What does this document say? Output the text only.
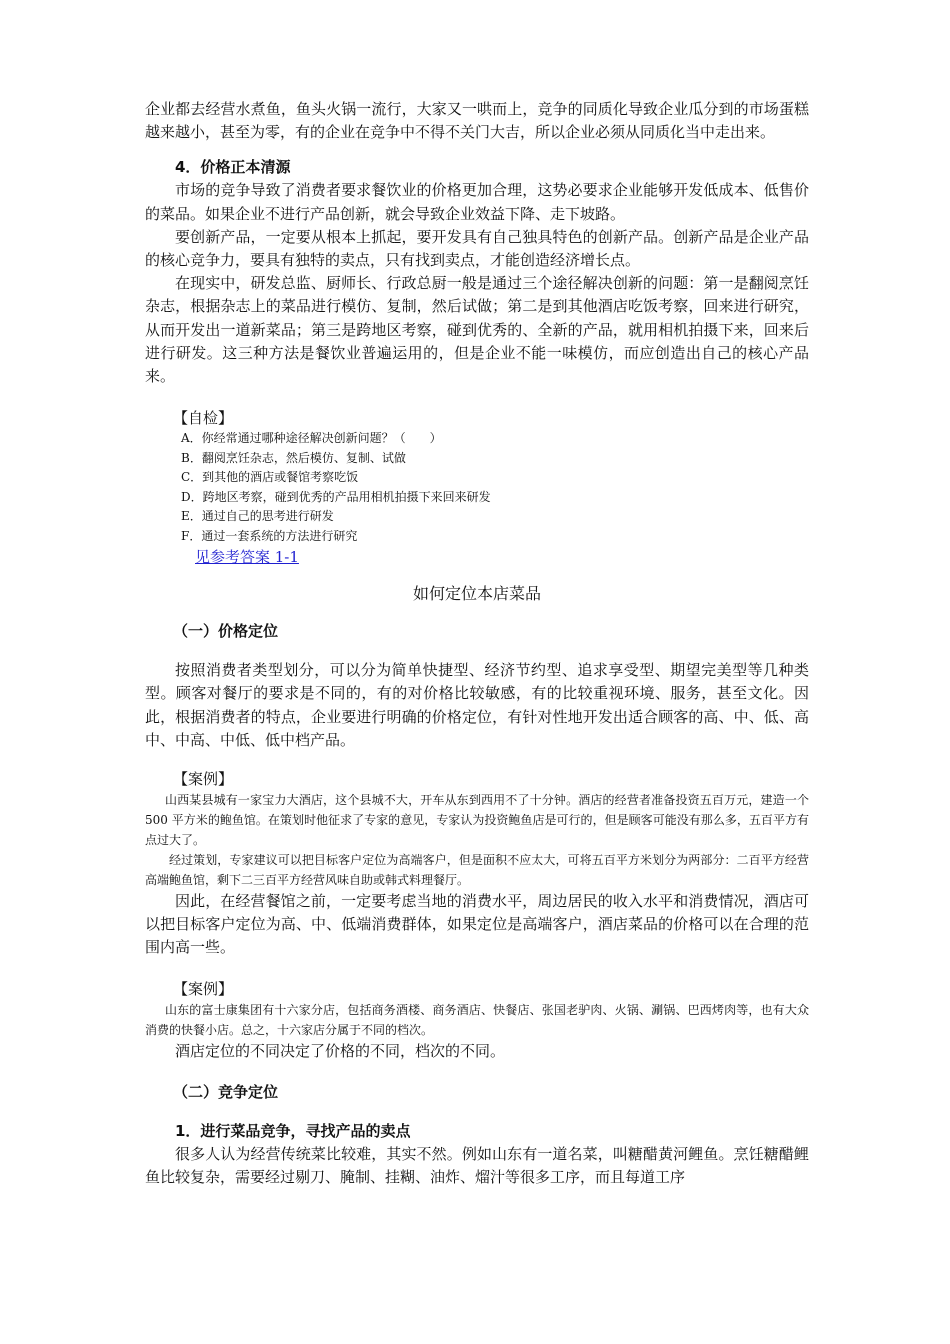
企业都去经营水煮鱼，鱼头火锅一流行，大家又一哄而上，竞争的同质化导致企业瓜分到的市场蛋糕越来越小，甚至为零，有的企业在竞争中不得不关门大吉，所以企业必须从同质化当中走出来。

4．价格正本清源

市场的竞争导致了消费者要求餐饮业的价格更加合理，这势必要求企业能够开发低成本、低售价的菜品。如果企业不进行产品创新，就会导致企业效益下降、走下坡路。

要创新产品，一定要从根本上抓起，要开发具有自己独具特色的创新产品。创新产品是企业产品的核心竞争力，要具有独特的卖点，只有找到卖点，才能创造经济增长点。

在现实中，研发总监、厨师长、行政总厨一般是通过三个途径解决创新的问题：第一是翻阅烹饪杂志，根据杂志上的菜品进行模仿、复制，然后试做；第二是到其他酒店吃饭考察，回来进行研究，从而开发出一道新菜品；第三是跨地区考察，碰到优秀的、全新的产品，就用相机拍摄下来，回来后进行研发。这三种方法是餐饮业普遍运用的，但是企业不能一味模仿，而应创造出自己的核心产品来。

【自检】

A．你经常通过哪种途径解决创新问题？（　　）

B．翻阅烹饪杂志，然后模仿、复制、试做

C．到其他的酒店或餐馆考察吃饭

D．跨地区考察，碰到优秀的产品用相机拍摄下来回来研发

E．通过自己的思考进行研发

F．通过一套系统的方法进行研究

见参考答案 1-1

如何定位本店菜品

（一）价格定位

按照消费者类型划分，可以分为简单快捷型、经济节约型、追求享受型、期望完美型等几种类型。顾客对餐厅的要求是不同的，有的对价格比较敏感，有的比较重视环境、服务，甚至文化。因此，根据消费者的特点，企业要进行明确的价格定位，有针对性地开发出适合顾客的高、中、低、高中、中高、中低、低中档产品。

【案例】

山西某县城有一家宝力大酒店，这个县城不大，开车从东到西用不了十分钟。酒店的经营者准备投资五百万元，建造一个 500 平方米的鲍鱼馆。在策划时他征求了专家的意见，专家认为投资鲍鱼店是可行的，但是顾客可能没有那么多，五百平方有点过大了。

经过策划，专家建议可以把目标客户定位为高端客户，但是面积不应太大，可将五百平方米划分为两部分：二百平方经营高端鲍鱼馆，剩下二三百平方经营风味自助或韩式料理餐厅。

因此，在经营餐馆之前，一定要考虑当地的消费水平，周边居民的收入水平和消费情况，酒店可以把目标客户定位为高、中、低端消费群体，如果定位是高端客户，酒店菜品的价格可以在合理的范围内高一些。

【案例】

山东的富士康集团有十六家分店，包括商务酒楼、商务酒店、快餐店、张国老驴肉、火锅、涮锅、巴西烤肉等，也有大众消费的快餐小店。总之，十六家店分属于不同的档次。

酒店定位的不同决定了价格的不同，档次的不同。

（二）竞争定位

1．进行菜品竞争，寻找产品的卖点

很多人认为经营传统菜比较难，其实不然。例如山东有一道名菜，叫糖醋黄河鲤鱼。烹饪糖醋鲤鱼比较复杂，需要经过剔刀、腌制、挂糊、油炸、熘汁等很多工序，而且每道工序
